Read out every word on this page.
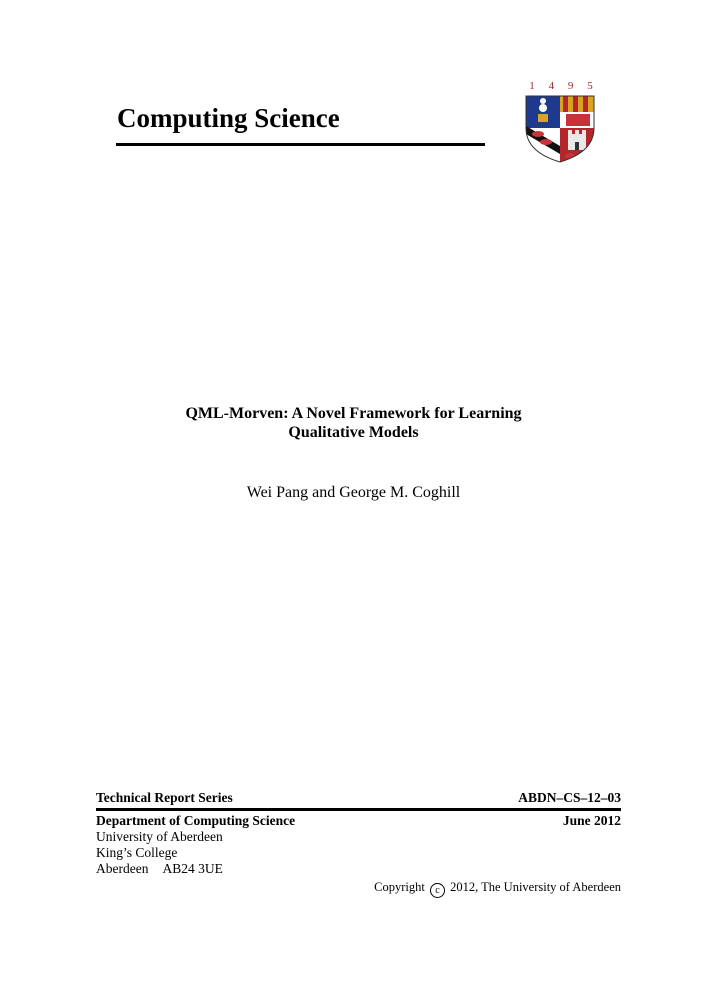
Computing Science
1 4 9 5
QML-Morven: A Novel Framework for Learning
Qualitative Models
Wei Pang and George M. Coghill
Technical Report Series	ABDN–CS–12–03
Department of Computing Science	June 2012
University of Aberdeen
King’s College
Aberdeen AB24 3UE
Copyright c 2012, The University of Aberdeen
